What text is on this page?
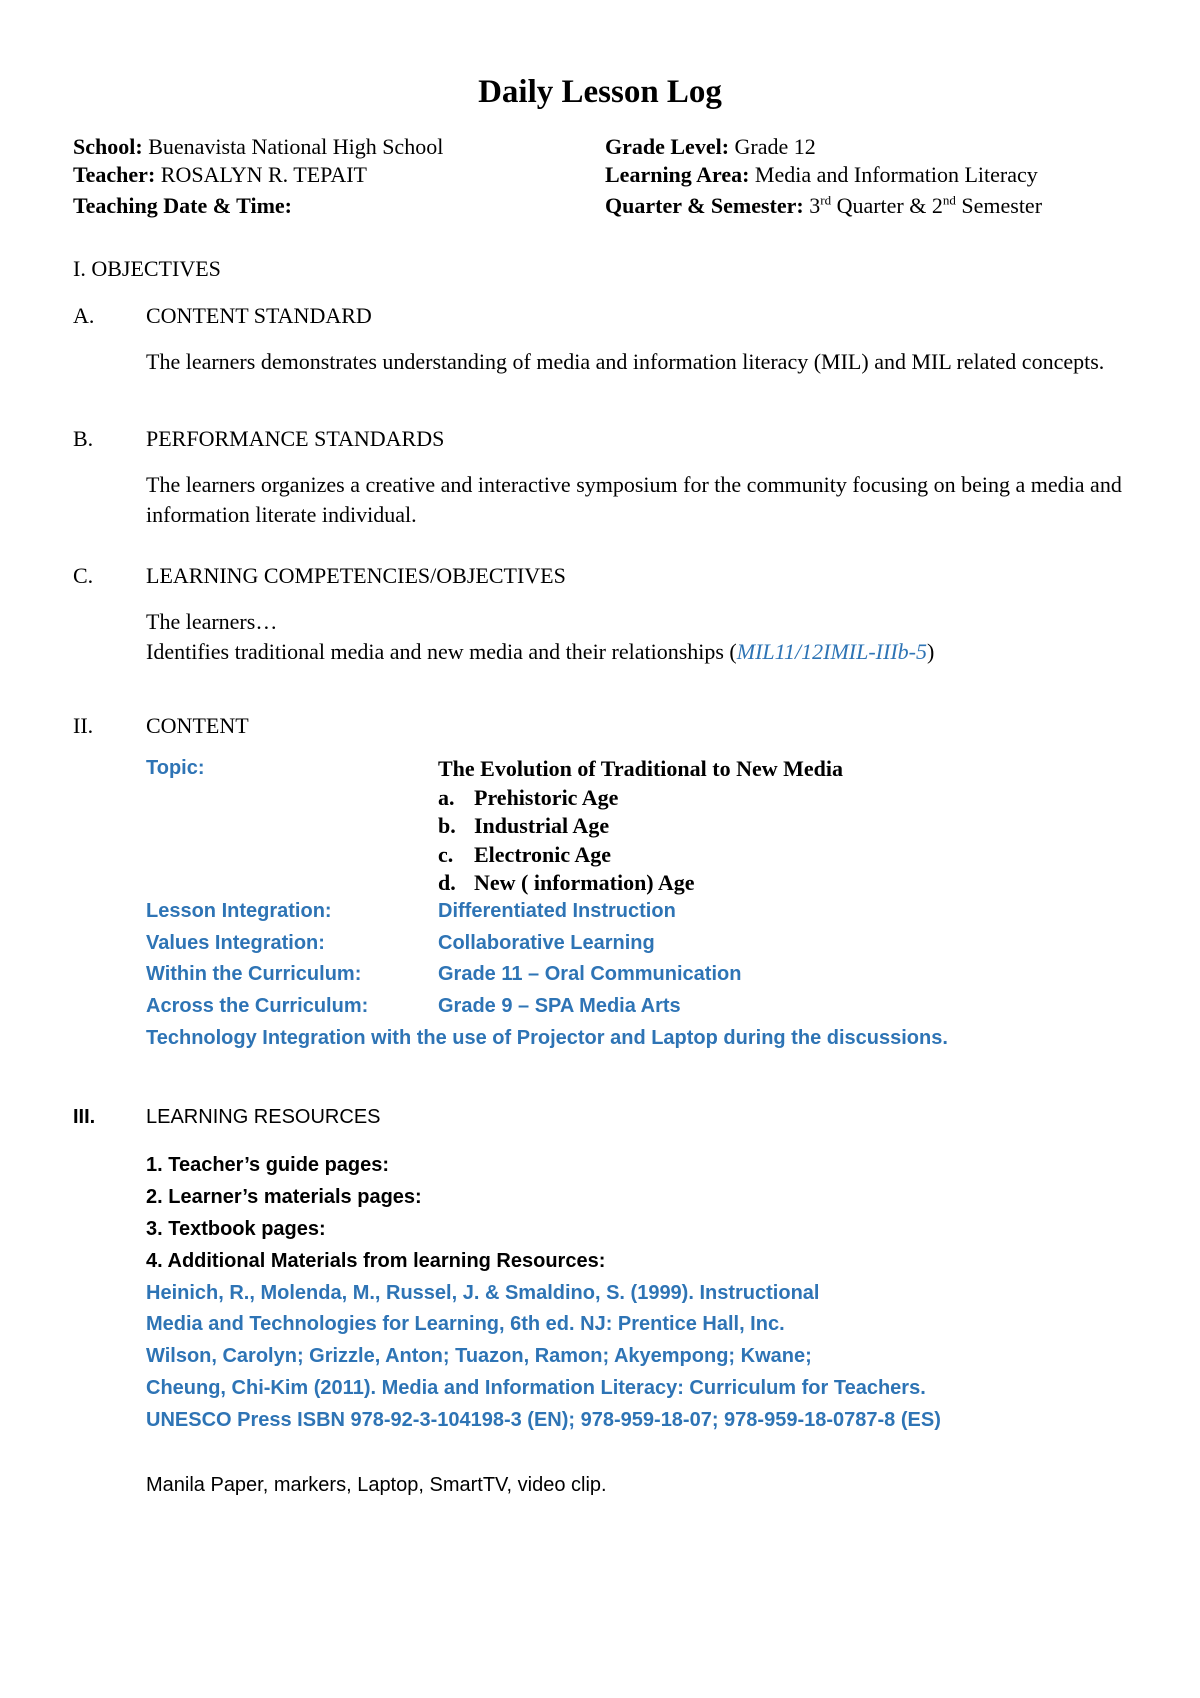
Daily Lesson Log
School: Buenavista National High School
Teacher: ROSALYN R. TEPAIT
Teaching Date & Time:
Grade Level: Grade 12
Learning Area: Media and Information Literacy
Quarter & Semester: 3rd Quarter & 2nd Semester
I. OBJECTIVES
A. CONTENT STANDARD
The learners demonstrates understanding of media and information literacy (MIL) and MIL related concepts.
B. PERFORMANCE STANDARDS
The learners organizes a creative and interactive symposium for the community focusing on being a media and information literate individual.
C. LEARNING COMPETENCIES/OBJECTIVES
The learners…
Identifies traditional media and new media and their relationships (MIL11/12IMIL-IIIb-5)
II. CONTENT
Topic:	The Evolution of Traditional to New Media
a. Prehistoric Age
b. Industrial Age
c. Electronic Age
d. New ( information) Age
Lesson Integration:	Differentiated Instruction
Values Integration:	Collaborative Learning
Within the Curriculum:	Grade 11 – Oral Communication
Across the Curriculum:	Grade 9 – SPA Media Arts
Technology Integration with the use of Projector and Laptop during the discussions.
III.	LEARNING RESOURCES
1. Teacher’s guide pages:
2. Learner’s materials pages:
3. Textbook pages:
4. Additional Materials from learning Resources:
Heinich, R., Molenda, M., Russel, J. & Smaldino, S. (1999). Instructional
Media and Technologies for Learning, 6th ed. NJ: Prentice Hall, Inc.
Wilson, Carolyn; Grizzle, Anton; Tuazon, Ramon; Akyempong; Kwane;
Cheung, Chi-Kim (2011). Media and Information Literacy: Curriculum for Teachers.
UNESCO Press ISBN 978-92-3-104198-3 (EN); 978-959-18-07; 978-959-18-0787-8 (ES)
Manila Paper, markers, Laptop, SmartTV, video clip.
